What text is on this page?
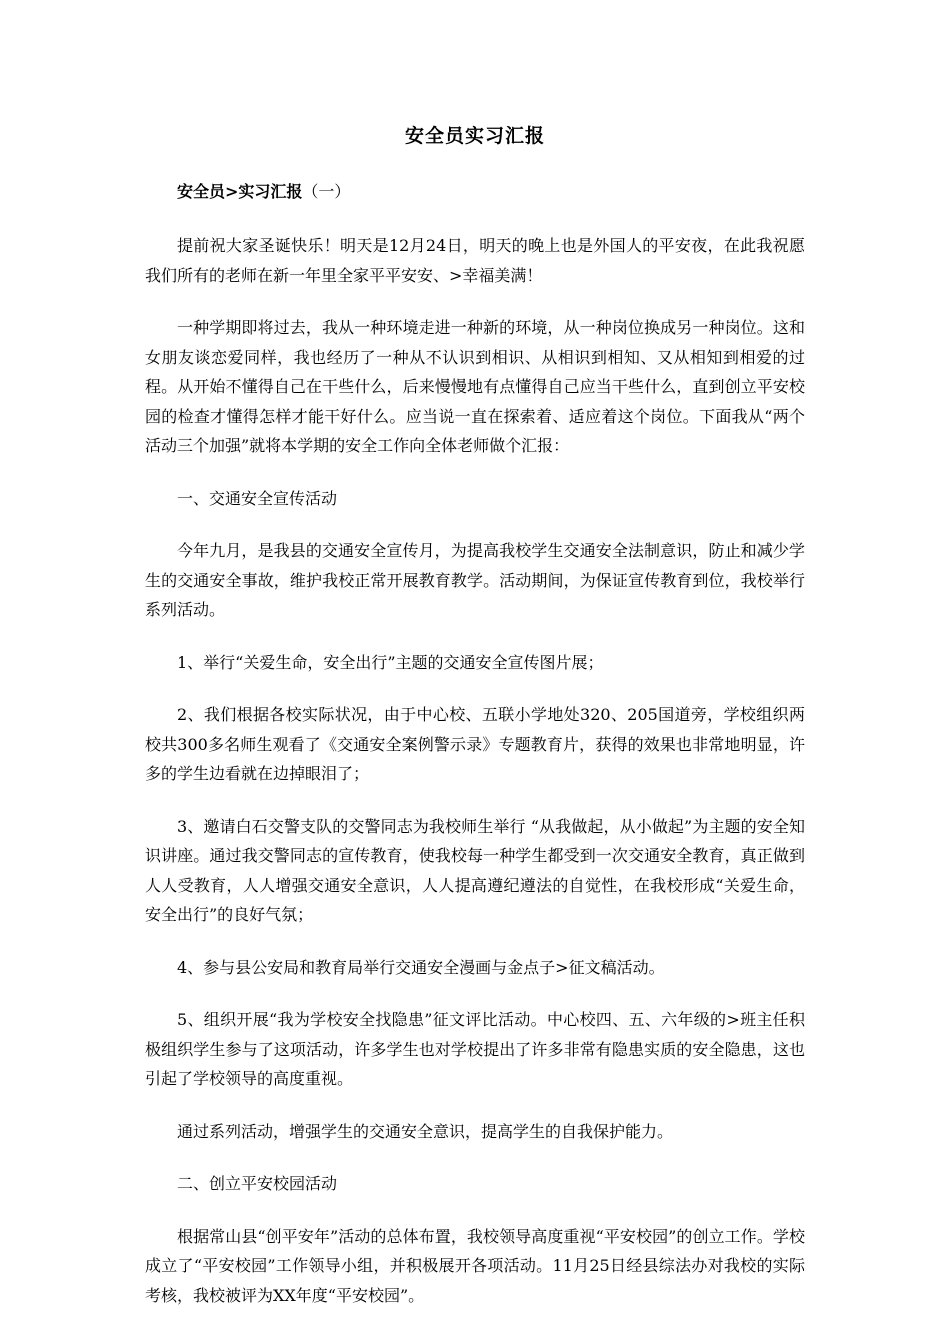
安全员实习汇报

安全员>实习汇报（一）

提前祝大家圣诞快乐！明天是12月24日，明天的晚上也是外国人的平安夜，在此我祝愿我们所有的老师在新一年里全家平平安安、>幸福美满！

一种学期即将过去，我从一种环境走进一种新的环境，从一种岗位换成另一种岗位。这和女朋友谈恋爱同样，我也经历了一种从不认识到相识、从相识到相知、又从相知到相爱的过程。从开始不懂得自己在干些什么，后来慢慢地有点懂得自己应当干些什么，直到创立平安校园的检查才懂得怎样才能干好什么。应当说一直在探索着、适应着这个岗位。下面我从“两个活动三个加强”就将本学期的安全工作向全体老师做个汇报：

一、交通安全宣传活动

今年九月，是我县的交通安全宣传月，为提高我校学生交通安全法制意识，防止和减少学生的交通安全事故，维护我校正常开展教育教学。活动期间，为保证宣传教育到位，我校举行系列活动。

1、举行“关爱生命，安全出行”主题的交通安全宣传图片展；

2、我们根据各校实际状况，由于中心校、五联小学地处320、205国道旁，学校组织两校共300多名师生观看了《交通安全案例警示录》专题教育片，获得的效果也非常地明显，许多的学生边看就在边掉眼泪了；

3、邀请白石交警支队的交警同志为我校师生举行 “从我做起，从小做起”为主题的安全知识讲座。通过我交警同志的宣传教育，使我校每一种学生都受到一次交通安全教育，真正做到人人受教育，人人增强交通安全意识，人人提高遵纪遵法的自觉性，在我校形成“关爱生命，安全出行”的良好气氛；

4、参与县公安局和教育局举行交通安全漫画与金点子>征文稿活动。

5、组织开展“我为学校安全找隐患”征文评比活动。中心校四、五、六年级的>班主任积极组织学生参与了这项活动，许多学生也对学校提出了许多非常有隐患实质的安全隐患，这也引起了学校领导的高度重视。

通过系列活动，增强学生的交通安全意识，提高学生的自我保护能力。

二、创立平安校园活动

根据常山县“创平安年”活动的总体布置，我校领导高度重视“平安校园”的创立工作。学校成立了“平安校园”工作领导小组，并积极展开各项活动。11月25日经县综法办对我校的实际考核，我校被评为XX年度“平安校园”。
